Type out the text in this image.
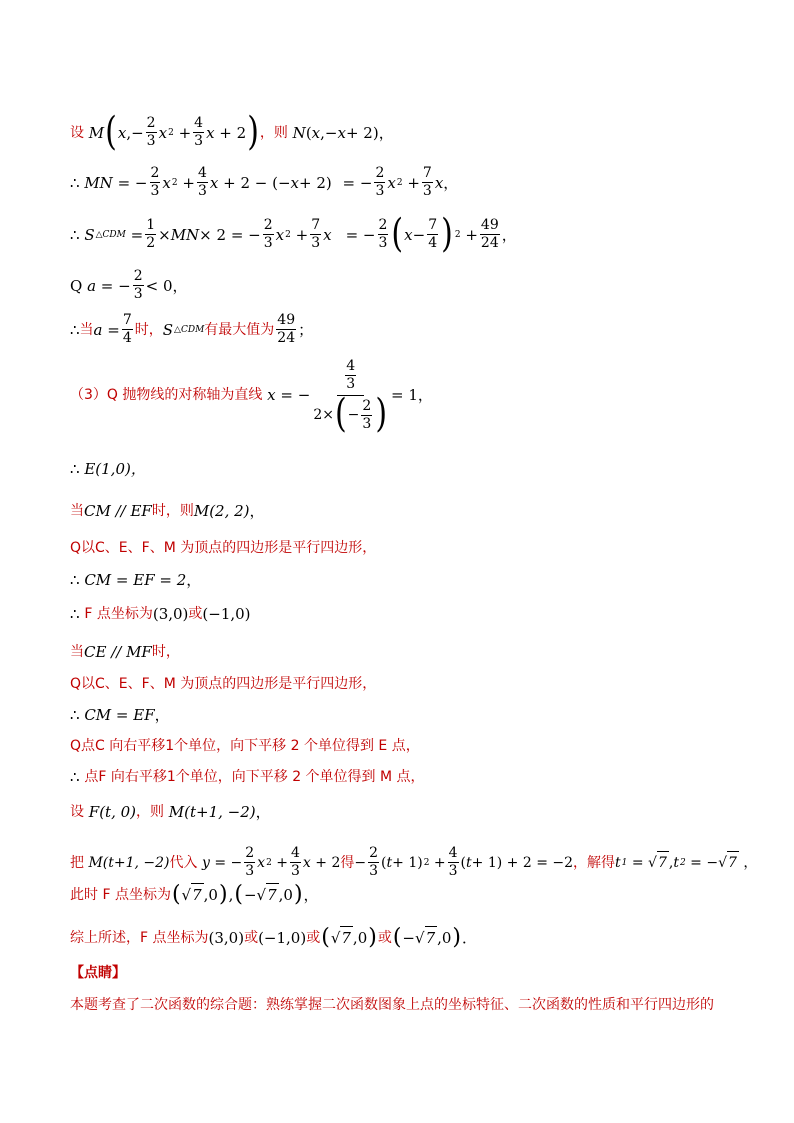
设 M ( x ,− $\frac{2}{3}$ x $2 + \frac{4}{3}$ x + 2 ) ，则 N ( x ,− x + 2) ，
∴ MN = − $\frac{2}{3}$ x $2 + \frac{4}{3}$ x + 2 − (− x + 2)
= − $\frac{2}{3}$ x $2 + \frac{7}{3}$ x ，
∴ S △CDM = $\frac{1}{2}$ × MN × 2 = − $\frac{2}{3}$ x $2 + \frac{7}{3}$ x = − $\frac{2}{3}$ ( $x - \frac{7}{4}$ ) $2 + \frac{49}{24}$ ，
Q a = − $\frac{2}{3} < 0$，
∴ 当 $a = \frac{7}{4}$ 时， S △CDM 有最大值为 $\frac{49}{24}$ ；
（3）Q 抛物线的对称轴为直线 x = − $\frac{\frac{4}{3}}{2\times ( - \frac{2}{3} )} = 1$，
∴
E(1,0)，
当 CM // EF 时，则 M(2, 2) ，
Q以C、E、F、M 为顶点的四边形是平行四边形，
∴
CM = EF = 2 ，
∴
F 点坐标为 (3,0) 或 (−1,0)
当 CE // MF 时，
Q以C、E、F、M 为顶点的四边形是平行四边形，
∴
CM = EF ，
Q点C 向右平移1个单位，向下平移 2 个单位得到 E 点，
∴
点F 向右平移1个单位，向下平移 2 个单位得到 M 点，
设
F(t, 0) ，则
M(t+1, −2) ，
把
M(t+1, −2) 代入 y = − $\frac{2}{3}$ x $2 + \frac{4}{3}$ x + 2 得 − $\frac{2}{3}$ ( t + 1) $2 + \frac{4}{3}$ ( t + 1) + 2 = −2 ，解得 t 1 = √ 7 , t 2 = −√ 7 ，
此时 F 点坐标为 ( √ 7 ,0 ) , ( −√ 7 ,0 ) ，
综上所述，F 点坐标为 (3,0) 或 (−1,0) 或 ( √ 7 ,0 ) 或 ( −√ 7 ,0 ) ．
【点睛】
本题考查了二次函数的综合题：熟练掌握二次函数图象上点的坐标特征、二次函数的性质和平行四边形的
